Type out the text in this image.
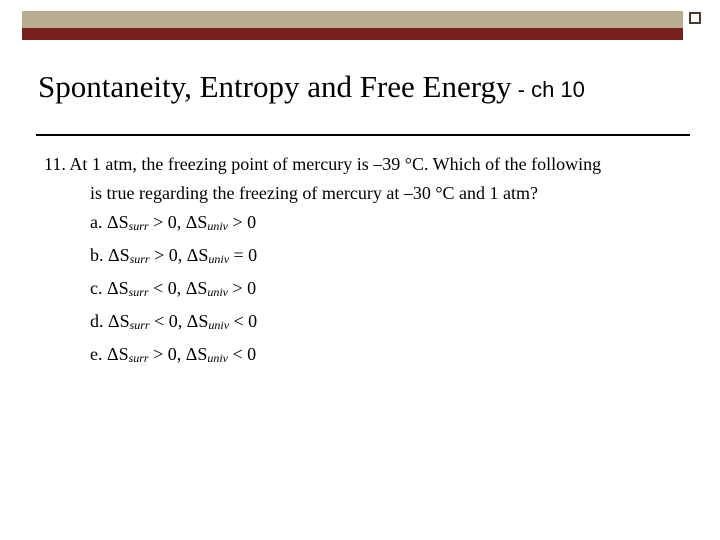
Spontaneity, Entropy and Free Energy - ch 10
11. At 1 atm, the freezing point of mercury is –39 °C. Which of the following
is true regarding the freezing of mercury at –30 °C and 1 atm?
a. ΔSsurr > 0, ΔSuniv > 0
b. ΔSsurr > 0, ΔSuniv = 0
c. ΔSsurr < 0, ΔSuniv > 0
d. ΔSsurr < 0, ΔSuniv < 0
e. ΔSsurr > 0, ΔSuniv < 0
